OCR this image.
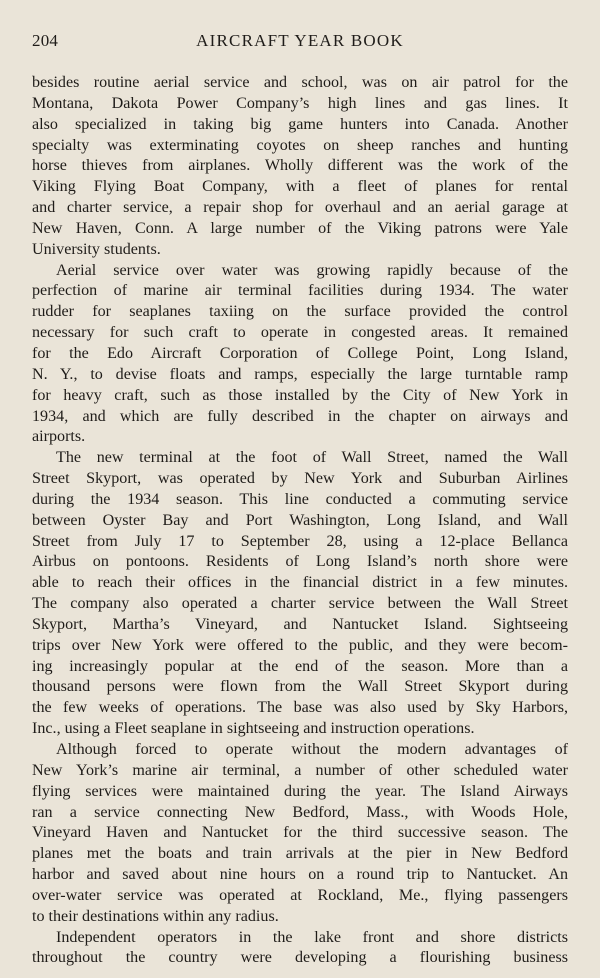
204	AIRCRAFT YEAR BOOK
besides routine aerial service and school, was on air patrol for the
Montana, Dakota Power Company’s high lines and gas lines. It
also specialized in taking big game hunters into Canada. Another
specialty was exterminating coyotes on sheep ranches and hunting
horse thieves from airplanes. Wholly different was the work of the
Viking Flying Boat Company, with a fleet of planes for rental
and charter service, a repair shop for overhaul and an aerial garage at
New Haven, Conn. A large number of the Viking patrons were Yale
University students.
Aerial service over water was growing rapidly because of the
perfection of marine air terminal facilities during 1934. The water
rudder for seaplanes taxiing on the surface provided the control
necessary for such craft to operate in congested areas. It remained
for the Edo Aircraft Corporation of College Point, Long Island,
N. Y., to devise floats and ramps, especially the large turntable ramp
for heavy craft, such as those installed by the City of New York in
1934, and which are fully described in the chapter on airways and
airports.
The new terminal at the foot of Wall Street, named the Wall
Street Skyport, was operated by New York and Suburban Airlines
during the 1934 season. This line conducted a commuting service
between Oyster Bay and Port Washington, Long Island, and Wall
Street from July 17 to September 28, using a 12-place Bellanca
Airbus on pontoons. Residents of Long Island’s north shore were
able to reach their offices in the financial district in a few minutes.
The company also operated a charter service between the Wall Street
Skyport, Martha’s Vineyard, and Nantucket Island. Sightseeing
trips over New York were offered to the public, and they were becom-
ing increasingly popular at the end of the season. More than a
thousand persons were flown from the Wall Street Skyport during
the few weeks of operations. The base was also used by Sky Harbors,
Inc., using a Fleet seaplane in sightseeing and instruction operations.
Although forced to operate without the modern advantages of
New York’s marine air terminal, a number of other scheduled water
flying services were maintained during the year. The Island Airways
ran a service connecting New Bedford, Mass., with Woods Hole,
Vineyard Haven and Nantucket for the third successive season. The
planes met the boats and train arrivals at the pier in New Bedford
harbor and saved about nine hours on a round trip to Nantucket. An
over-water service was operated at Rockland, Me., flying passengers
to their destinations within any radius.
Independent operators in the lake front and shore districts
throughout the country were developing a flourishing business
